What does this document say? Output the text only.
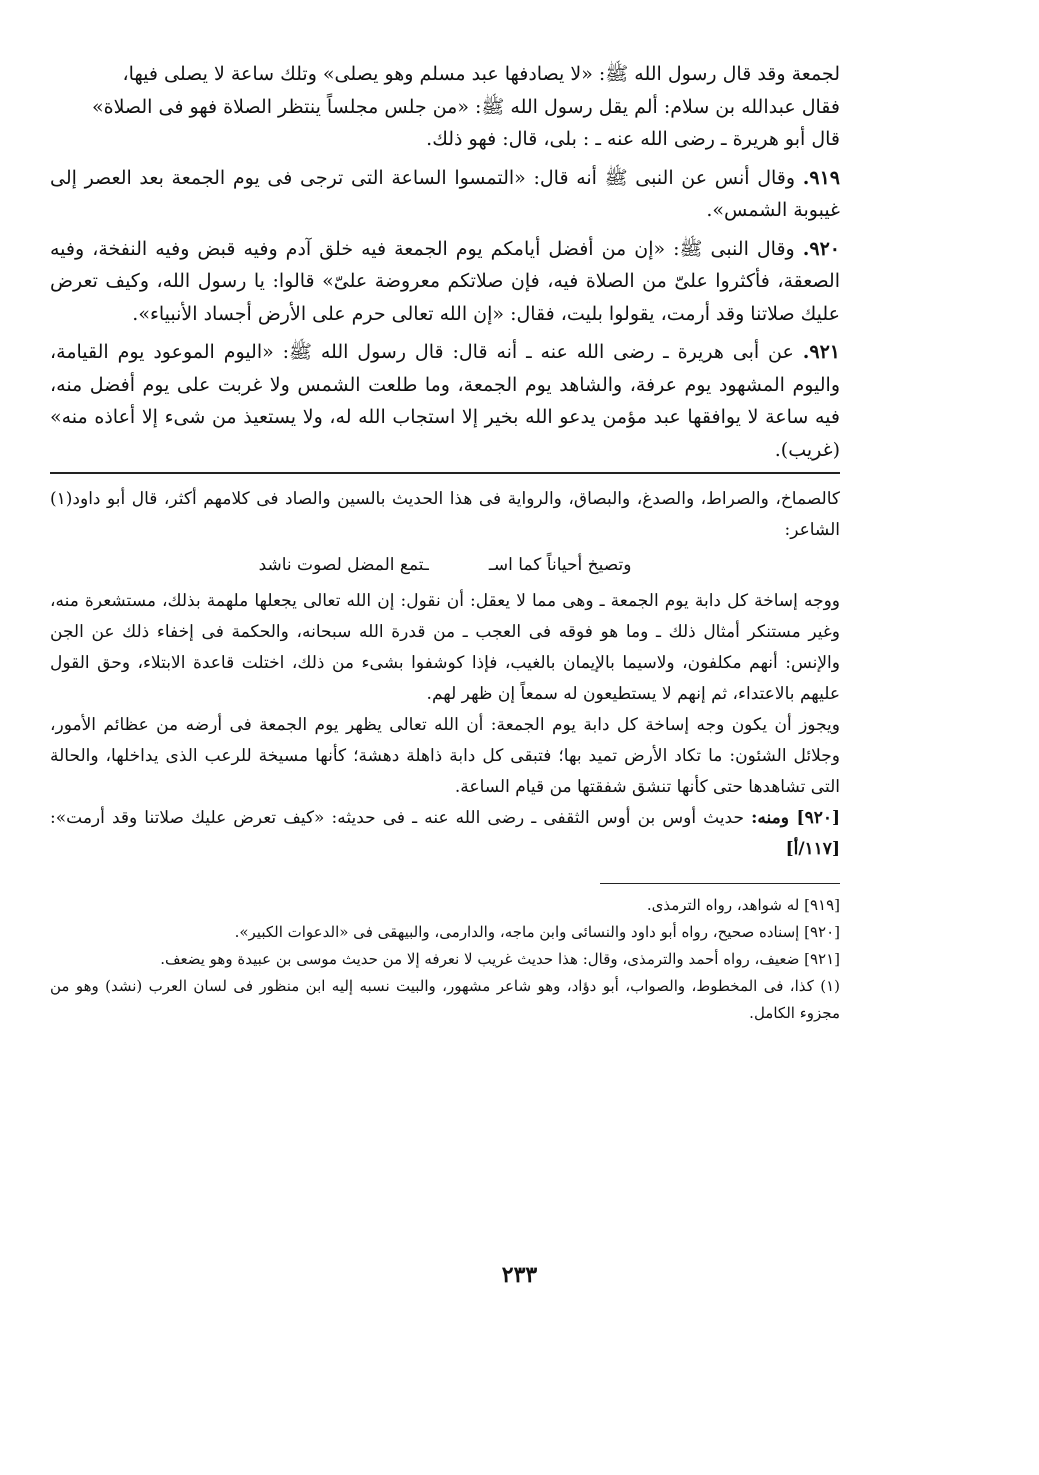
لجمعة وقد قال رسول الله ﷺ: «لا يصادفها عبد مسلم وهو يصلى» وتلك ساعة لا يصلى فيها،

فقال عبدالله بن سلام: ألم يقل رسول الله ﷺ: «من جلس مجلساً ينتظر الصلاة فهو فى الصلاة»

قال أبو هريرة ـ رضى الله عنه ـ : بلى، قال: فهو ذلك.

٩١٩. وقال أنس عن النبى ﷺ أنه قال: «التمسوا الساعة التى ترجى فى يوم الجمعة بعد العصر إلى غيبوبة الشمس».

٩٢٠. وقال النبى ﷺ: «إن من أفضل أيامكم يوم الجمعة فيه خلق آدم وفيه قبض وفيه النفخة، وفيه الصعقة، فأكثروا علىّ من الصلاة فيه، فإن صلاتكم معروضة علىّ» قالوا: يا رسول الله، وكيف تعرض عليك صلاتنا وقد أرمت، يقولوا بليت، فقال: «إن الله تعالى حرم على الأرض أجساد الأنبياء».

٩٢١. عن أبى هريرة ـ رضى الله عنه ـ أنه قال: قال رسول الله ﷺ: «اليوم الموعود يوم القيامة، واليوم المشهود يوم عرفة، والشاهد يوم الجمعة، وما طلعت الشمس ولا غربت على يوم أفضل منه، فيه ساعة لا يوافقها عبد مؤمن يدعو الله بخير إلا استجاب الله له، ولا يستعيذ من شىء إلا أعاذه منه» (غريب).

كالصماخ، والصراط، والصدغ، والبصاق، والرواية فى هذا الحديث بالسين والصاد فى كلامهم أكثر، قال أبو داود(١) الشاعر:

وتصيخ أحياناً كما اسـ
ـتمع المضل لصوت ناشد

ووجه إساخة كل دابة يوم الجمعة ـ وهى مما لا يعقل: أن نقول: إن الله تعالى يجعلها ملهمة بذلك، مستشعرة منه، وغير مستنكر أمثال ذلك ـ وما هو فوقه فى العجب ـ من قدرة الله سبحانه، والحكمة فى إخفاء ذلك عن الجن والإنس: أنهم مكلفون، ولاسيما بالإيمان بالغيب، فإذا كوشفوا بشىء من ذلك، اختلت قاعدة الابتلاء، وحق القول عليهم بالاعتداء، ثم إنهم لا يستطيعون له سمعاً إن ظهر لهم.

ويجوز أن يكون وجه إساخة كل دابة يوم الجمعة: أن الله تعالى يظهر يوم الجمعة فى أرضه من عظائم الأمور، وجلائل الشئون: ما تكاد الأرض تميد بها؛ فتبقى كل دابة ذاهلة دهشة؛ كأنها مسيخة للرعب الذى يداخلها، والحالة التى تشاهدها حتى كأنها تنشق شفقتها من قيام الساعة.

[٩٢٠] ومنه: حديث أوس بن أوس الثقفى ـ رضى الله عنه ـ فى حديثه: «كيف تعرض عليك صلاتنا وقد أرمت»: [١١٧/أ]

[٩١٩] له شواهد، رواه الترمذى.

[٩٢٠] إسناده صحيح، رواه أبو داود والنسائى وابن ماجه، والدارمى، والبيهقى فى «الدعوات الكبير».

[٩٢١] ضعيف، رواه أحمد والترمذى، وقال: هذا حديث غريب لا نعرفه إلا من حديث موسى بن عبيدة وهو يضعف.

(١) كذا، فى المخطوط، والصواب، أبو دؤاد، وهو شاعر مشهور، والبيت نسبه إليه ابن منظور فى لسان العرب (نشد) وهو من مجزوء الكامل.

٢٣٣
